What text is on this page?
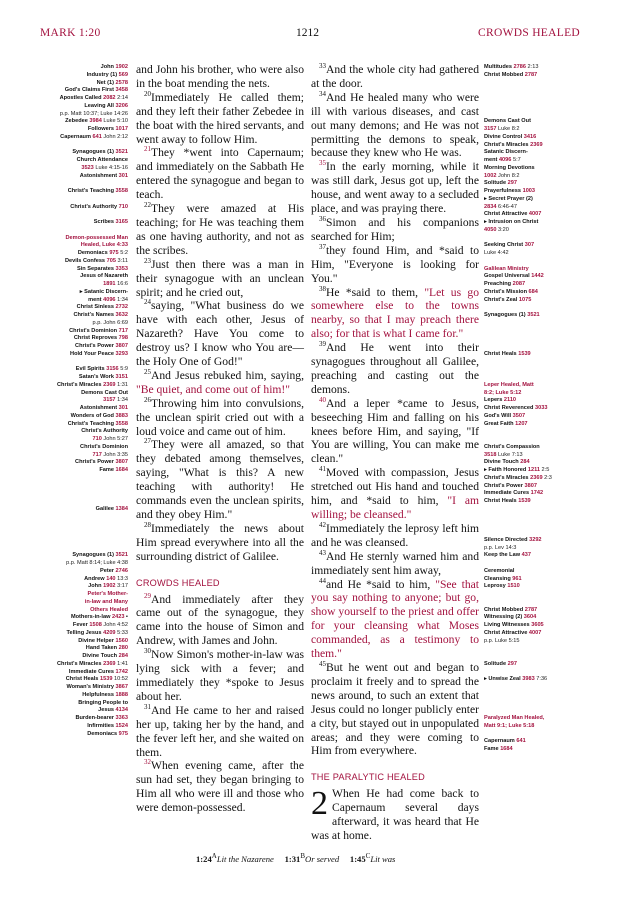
MARK 1:20	1212	CROWDS HEALED
John 1902
Industry (1) 569
Net (1) 2578
God's Claims First 3458
Apostles Called 2082 2:14
Leaving All 3206
p.p. Matt 10:37; Luke 14:26
Zebedee 3984 Luke 5:10
Followers 1017
Capernaum 641 John 2:12
Synagogues (1) 3521
Church Attendance
3523 Luke 4:15-16
Astonishment 301
Christ's Teaching 3558
Christ's Authority 710
Scribes 3165
Demon-possessed Man
Healed, Luke 4:33
Demoniacs 975 5:2
Devils Confess 705 3:11
Sin Separates 3353
Jesus of Nazareth
1891 16:6
▸ Satanic Discern-
ment 4096 1:34
Christ Sinless 2732
Christ's Names 3632
p.p. John 6:69
Christ's Dominion 717
Christ Reproves 798
Christ's Power 3807
Hold Your Peace 3293
Evil Spirits 3156 5:9
Satan's Work 3151
Christ's Miracles 2369 1:31
Demons Cast Out
3157 1:34
Astonishment 301
Wonders of God 3883
Christ's Teaching 3558
Christ's Authority
710 John 5:27
Christ's Dominion
717 John 3:35
Christ's Power 3807
Fame 1684
Galilee 1384
Synagogues (1) 3521
p.p. Matt 8:14; Luke 4:38
Peter 2746
Andrew 140 13:3
John 1902 3:17
Peter's Mother-
in-law and Many
Others Healed
Mothers-in-law 2423 ▪
Fever 1508 John 4:52
Telling Jesus 4209 5:33
Divine Helper 1560
Hand Taken 280
Divine Touch 284
Christ's Miracles 2369 1:41
Immediate Cures 1742
Christ Heals 1539 10:52
Woman's Ministry 3867
Helpfulness 1888
Bringing People to
Jesus 4134
Burden-bearer 3363
Infirmities 1524
Demoniacs 975
Multitudes 2786 2:13
Christ Mobbed 2787
Demons Cast Out
3157 Luke 8:2
Divine Control 3416
Christ's Miracles 2369
Satanic Discern-
ment 4096 5:7
Morning Devotions
1002 John 8:2
Solitude 297
Prayerfulness 1003
▸ Secret Prayer (2)
2834 6:46-47
Christ Attractive 4007
▸ Intrusion on Christ
4050 3:20
Seeking Christ 307
Luke 4:42
Galilean Ministry
Gospel Universal 1442
Preaching 2087
Christ's Mission 684
Christ's Zeal 1075
Synagogues (1) 3521
Christ Heals 1539
Leper Healed, Matt
8:2; Luke 5:12
Lepers 2110
Christ Reverenced 3033
God's Will 3507
Great Faith 1207
Christ's Compassion
3518 Luke 7:13
Divine Touch 284
▸ Faith Honored 1211 2:5
Christ's Miracles 2369 2:3
Christ's Power 3807
Immediate Cures 1742
Christ Heals 1539
Silence Directed 3292
p.p. Lev 14:3
Keep the Law 437
Ceremonial
Cleansing 961
Leprosy 1510
Christ Mobbed 2787
Witnessing (2) 3604
Living Witnesses 3605
Christ Attractive 4007
p.p. Luke 5:15
Solitude 297
▸ Unwise Zeal 3983 7:36
Paralyzed Man Healed,
Matt 9:1; Luke 5:18
Capernaum 641
Fame 1684

and John his brother, who were also in the boat mending the nets.

$^{20}$Immediately He called them; and they left their father Zebedee in the boat with the hired servants, and went away to follow Him.

$^{21}$They *went into Capernaum; and immediately on the Sabbath He entered the synagogue and began to teach.

$^{22}$They were amazed at His teaching; for He was teaching them as one having authority, and not as the scribes.

$^{23}$Just then there was a man in their synagogue with an unclean spirit; and he cried out,

$^{24}$saying, "What business do we have with each other, Jesus of Nazareth? Have You come to destroy us? I know who You are—the Holy One of God!"

$^{25}$And Jesus rebuked him, saying, "Be quiet, and come out of him!"

$^{26}$Throwing him into convulsions, the unclean spirit cried out with a loud voice and came out of him.

$^{27}$They were all amazed, so that they debated among themselves, saying, "What is this? A new teaching with authority! He commands even the unclean spirits, and they obey Him."

$^{28}$Immediately the news about Him spread everywhere into all the surrounding district of Galilee.

CROWDS HEALED

$^{29}$And immediately after they came out of the synagogue, they came into the house of Simon and Andrew, with James and John.

$^{30}$Now Simon's mother-in-law was lying sick with a fever; and immediately they *spoke to Jesus about her.

$^{31}$And He came to her and raised her up, taking her by the hand, and the fever left her, and she waited on them.

$^{32}$When evening came, after the sun had set, they began bringing to Him all who were ill and those who were demon-possessed.

$^{33}$And the whole city had gathered at the door.

$^{34}$And He healed many who were ill with various diseases, and cast out many demons; and He was not permitting the demons to speak, because they knew who He was.

$^{35}$In the early morning, while it was still dark, Jesus got up, left the house, and went away to a secluded place, and was praying there.

$^{36}$Simon and his companions searched for Him;

$^{37}$they found Him, and *said to Him, "Everyone is looking for You."

$^{38}$He *said to them, "Let us go somewhere else to the towns nearby, so that I may preach there also; for that is what I came for."

$^{39}$And He went into their synagogues throughout all Galilee, preaching and casting out the demons.

$^{40}$And a leper *came to Jesus, beseeching Him and falling on his knees before Him, and saying, "If You are willing, You can make me clean."

$^{41}$Moved with compassion, Jesus stretched out His hand and touched him, and *said to him, "I am willing; be cleansed."

$^{42}$Immediately the leprosy left him and he was cleansed.

$^{43}$And He sternly warned him and immediately sent him away,

$^{44}$and He *said to him, "See that you say nothing to anyone; but go, show yourself to the priest and offer for your cleansing what Moses commanded, as a testimony to them."

$^{45}$But he went out and began to proclaim it freely and to spread the news around, to such an extent that Jesus could no longer publicly enter a city, but stayed out in unpopulated areas; and they were coming to Him from everywhere.

THE PARALYTIC HEALED

2 When He had come back to Capernaum several days afterward, it was heard that He was at home.

$1:24^ALit$ the Nazarene $1:31^BOr$ served $1:45^CLit$ was
